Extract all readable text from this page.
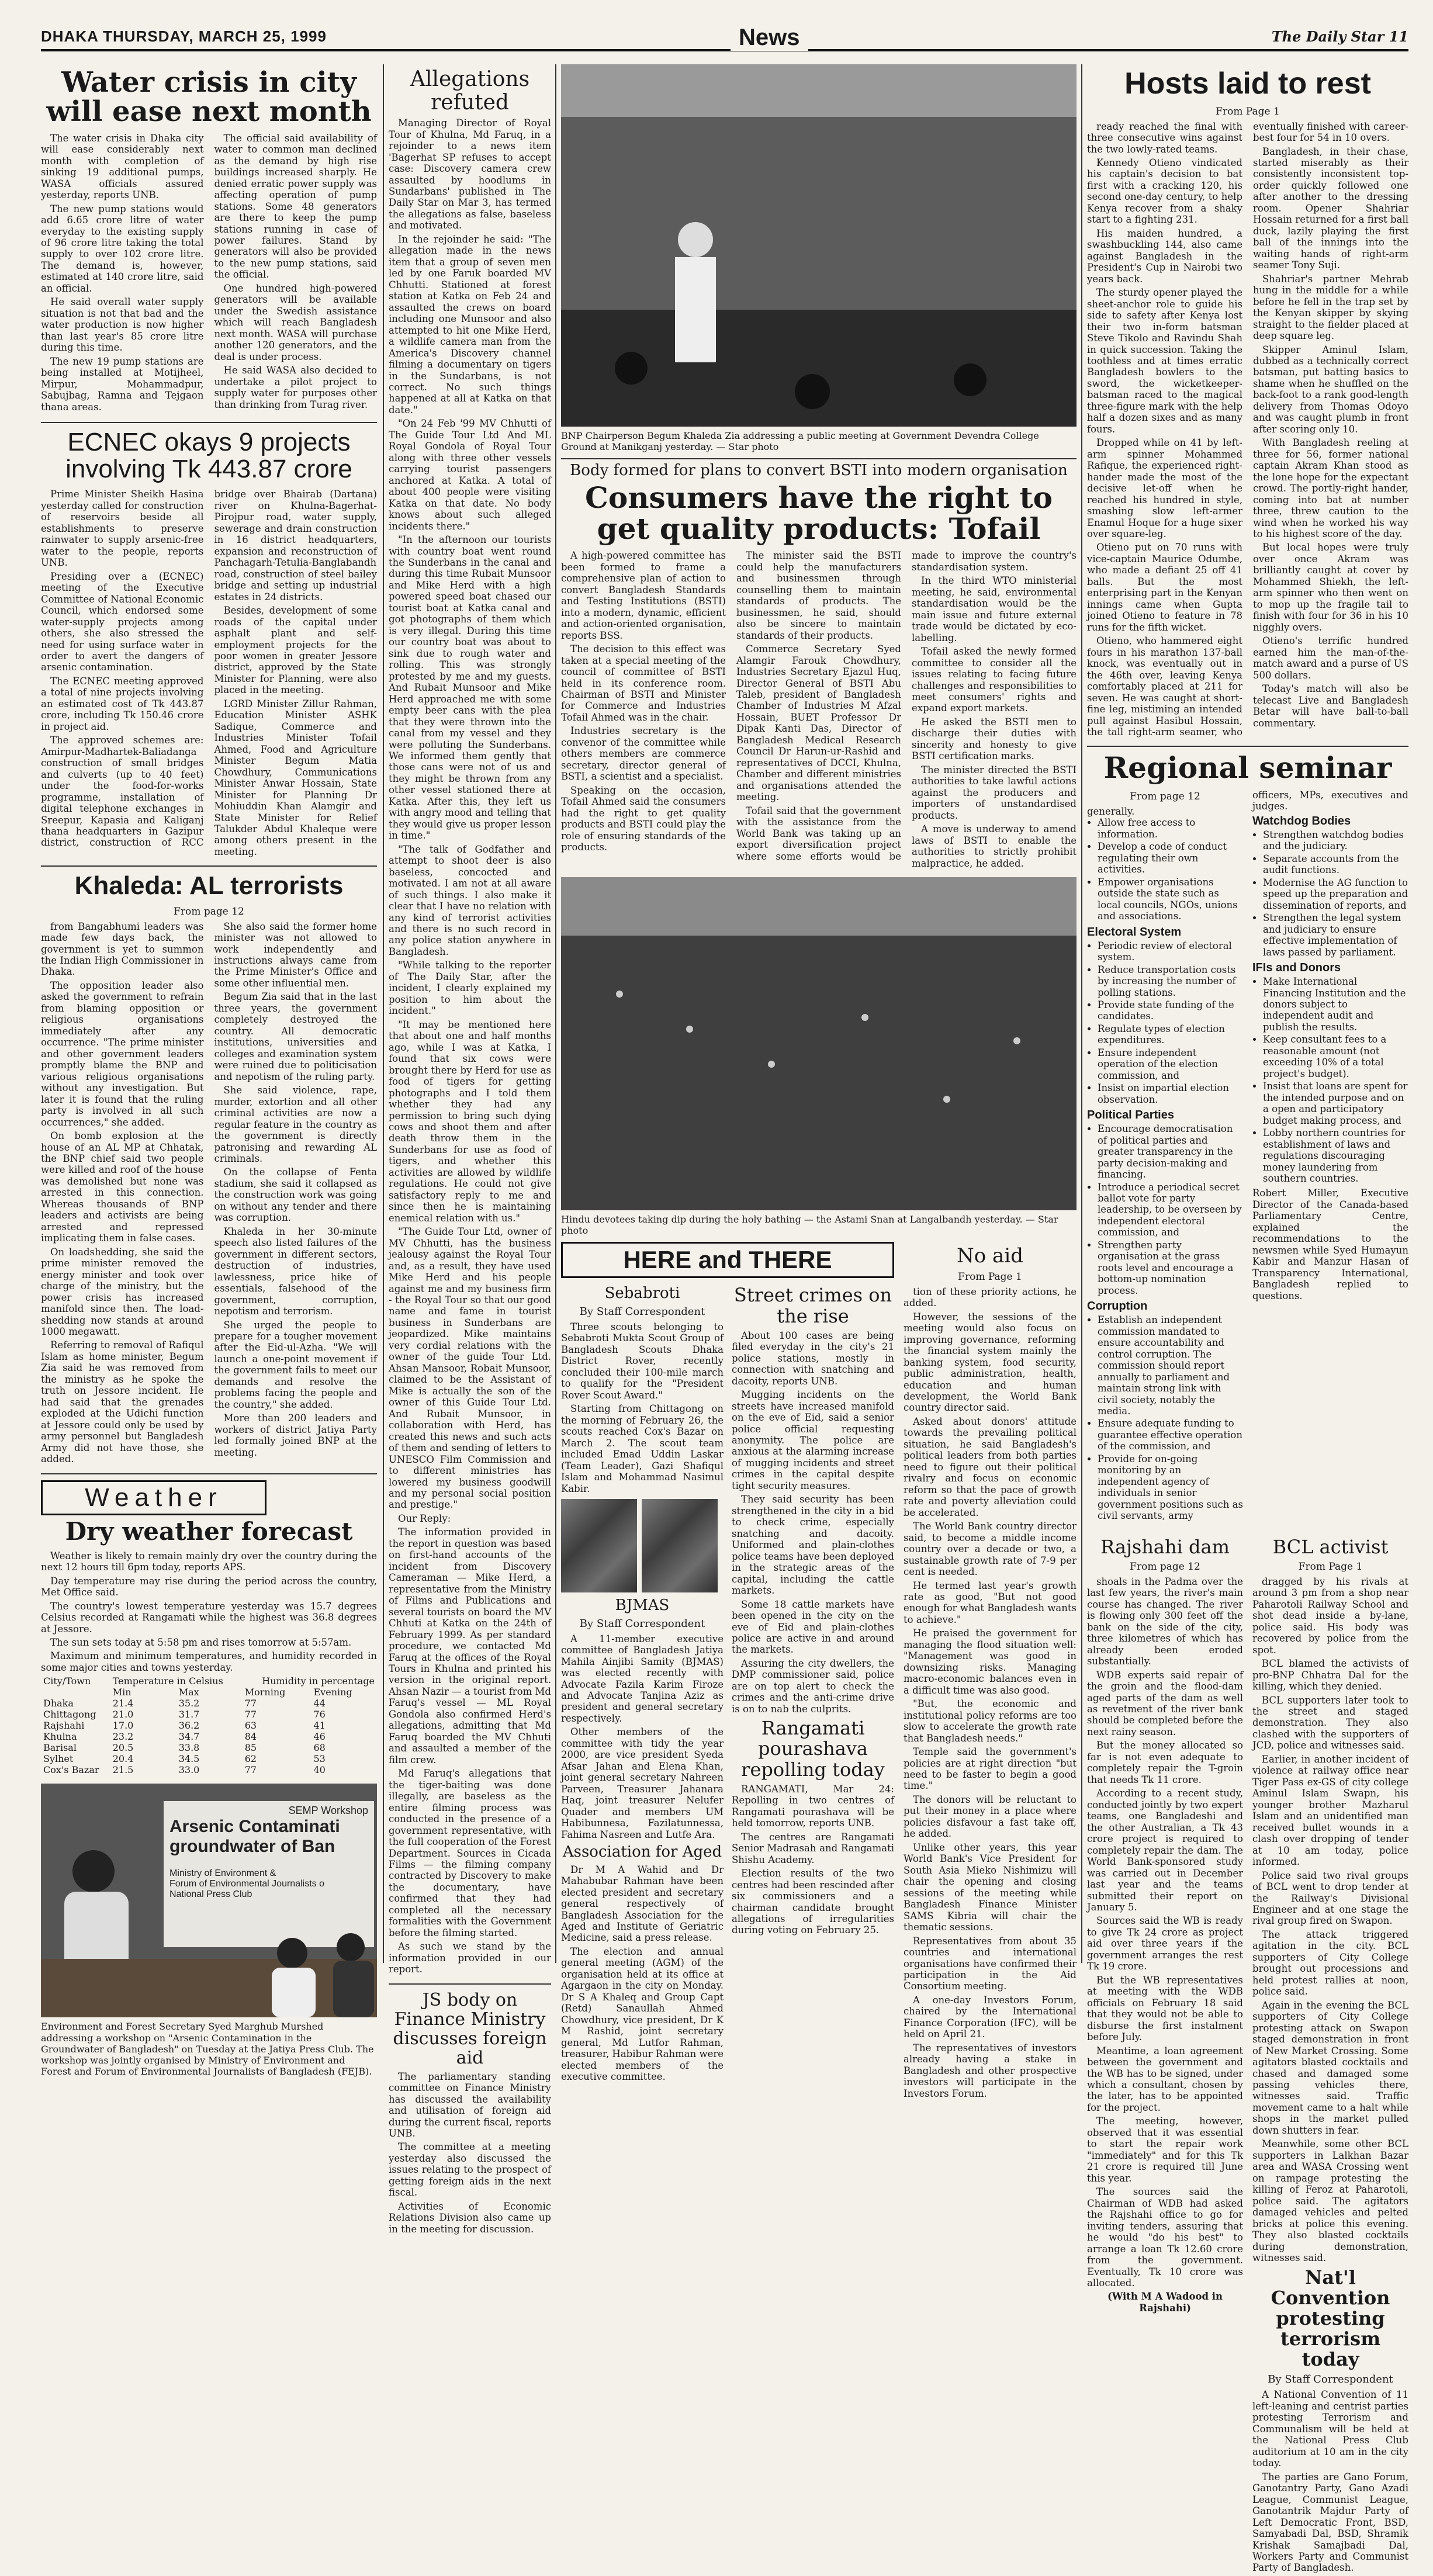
DHAKA THURSDAY, MARCH 25, 1999	News	The Daily Star 11
Water crisis in city will ease next month

The water crisis in Dhaka city will ease considerably next month with completion of sinking 19 additional pumps, WASA officials assured yesterday, reports UNB.

The new pump stations would add 6.65 crore litre of water everyday to the existing supply of 96 crore litre taking the total supply to over 102 crore litre. The demand is, however, estimated at 140 crore litre, said an official.

He said overall water supply situation is not that bad and the water production is now higher than last year's 85 crore litre during this time.

The new 19 pump stations are being installed at Motijheel, Mirpur, Mohammadpur, Sabujbag, Ramna and Tejgaon thana areas.

The official said availability of water to common man declined as the demand by high rise buildings increased sharply. He denied erratic power supply was affecting operation of pump stations. Some 48 generators are there to keep the pump stations running in case of power failures. Stand by generators will also be provided to the new pump stations, said the official.

One hundred high-powered generators will be available under the Swedish assistance which will reach Bangladesh next month. WASA will purchase another 120 generators, and the deal is under process.

He said WASA also decided to undertake a pilot project to supply water for purposes other than drinking from Turag river.

ECNEC okays 9 projects involving Tk 443.87 crore

Prime Minister Sheikh Hasina yesterday called for construction of reservoirs beside all establishments to preserve rainwater to supply arsenic-free water to the people, reports UNB.

Presiding over a (ECNEC) meeting of the Executive Committee of National Economic Council, which endorsed some water-supply projects among others, she also stressed the need for using surface water in order to avert the dangers of arsenic contamination.

The ECNEC meeting approved a total of nine projects involving an estimated cost of Tk 443.87 crore, including Tk 150.46 crore in project aid.

The approved schemes are: Amirpur-Madhartek-Baliadanga construction of small bridges and culverts (up to 40 feet) under the food-for-works programme, installation of digital telephone exchanges in Sreepur, Kapasia and Kaliganj thana headquarters in Gazipur district, construction of RCC bridge over Bhairab (Dartana) river on Khulna-Bagerhat-Pirojpur road, water supply, sewerage and drain construction in 16 district headquarters, expansion and reconstruction of Panchagarh-Tetulia-Banglabandh road, construction of steel bailey bridge and setting up industrial estates in 24 districts.

Besides, development of some roads of the capital under asphalt plant and self-employment projects for the poor women in greater Jessore district, approved by the State Minister for Planning, were also placed in the meeting.

LGRD Minister Zillur Rahman, Education Minister ASHK Sadique, Commerce and Industries Minister Tofail Ahmed, Food and Agriculture Minister Begum Matia Chowdhury, Communications Minister Anwar Hossain, State Minister for Planning Dr Mohiuddin Khan Alamgir and State Minister for Relief Talukder Abdul Khaleque were among others present in the meeting.

Khaleda: AL terrorists
From page 12

from Bangabhumi leaders was made few days back, the government is yet to summon the Indian High Commissioner in Dhaka.

The opposition leader also asked the government to refrain from blaming opposition or religious organisations immediately after any occurrence. "The prime minister and other government leaders promptly blame the BNP and various religious organisations without any investigation. But later it is found that the ruling party is involved in all such occurrences," she added.

On bomb explosion at the house of an AL MP at Chhatak, the BNP chief said two people were killed and roof of the house was demolished but none was arrested in this connection. Whereas thousands of BNP leaders and activists are being arrested and repressed implicating them in false cases.

On loadshedding, she said the prime minister removed the energy minister and took over charge of the ministry, but the power crisis has increased manifold since then. The load-shedding now stands at around 1000 megawatt.

Referring to removal of Rafiqul Islam as home minister, Begum Zia said he was removed from the ministry as he spoke the truth on Jessore incident. He had said that the grenades exploded at the Udichi function at Jessore could only be used by army personnel but Bangladesh Army did not have those, she added.

She also said the former home minister was not allowed to work independently and instructions always came from the Prime Minister's Office and some other influential men.

Begum Zia said that in the last three years, the government completely destroyed the country. All democratic institutions, universities and colleges and examination system were ruined due to politicisation and nepotism of the ruling party.

She said violence, rape, murder, extortion and all other criminal activities are now a regular feature in the country as the government is directly patronising and rewarding AL criminals.

On the collapse of Fenta stadium, she said it collapsed as the construction work was going on without any tender and there was corruption.

Khaleda in her 30-minute speech also listed failures of the government in different sectors, destruction of industries, lawlessness, price hike of essentials, falsehood of the government, corruption, nepotism and terrorism.

She urged the people to prepare for a tougher movement after the Eid-ul-Azha. "We will launch a one-point movement if the government fails to meet our demands and resolve the problems facing the people and the country," she added.

More than 200 leaders and workers of district Jatiya Party led formally joined BNP at the meeting.

Weather
Dry weather forecast

Weather is likely to remain mainly dry over the country during the next 12 hours till 6pm today, reports APS.

Day temperature may rise during the period across the country, Met Office said.

The country's lowest temperature yesterday was 15.7 degrees Celsius recorded at Rangamati while the highest was 36.8 degrees at Jessore.

The sun sets today at 5:58 pm and rises tomorrow at 5:57am.

Maximum and minimum temperatures, and humidity recorded in some major cities and towns yesterday.

City/Town	Temperature in Celsius		Humidity in percentage	
	Min	Max	Morning	Evening
Dhaka	21.4	35.2	77	44
Chittagong	21.0	31.7	77	76
Rajshahi	17.0	36.2	63	41
Khulna	23.2	34.7	84	46
Barisal	20.5	33.8	85	68
Sylhet	20.4	34.5	62	53
Cox's Bazar	21.5	33.0	77	40
SEMP Workshop
Arsenic Contaminati
groundwater of Ban
Ministry of Environment &
Forum of Environmental Journalists o
National Press Club
Environment and Forest Secretary Syed Marghub Murshed addressing a workshop on "Arsenic Contamination in the Groundwater of Bangladesh" on Tuesday at the Jatiya Press Club. The workshop was jointly organised by Ministry of Environment and Forest and Forum of Environmental Journalists of Bangladesh (FEJB).
Allegations refuted

Managing Director of Royal Tour of Khulna, Md Faruq, in a rejoinder to a news item 'Bagerhat SP refuses to accept case: Discovery camera crew assaulted by hoodlums in Sundarbans' published in The Daily Star on Mar 3, has termed the allegations as false, baseless and motivated.

In the rejoinder he said: "The allegation made in the news item that a group of seven men led by one Faruk boarded MV Chhutti. Stationed at forest station at Katka on Feb 24 and assaulted the crews on board including one Munsoor and also attempted to hit one Mike Herd, a wildlife camera man from the America's Discovery channel filming a documentary on tigers in the Sundarbans, is not correct. No such things happened at all at Katka on that date."

"On 24 Feb '99 MV Chhutti of The Guide Tour Ltd And ML Royal Gondola of Royal Tour along with three other vessels carrying tourist passengers anchored at Katka. A total of about 400 people were visiting Katka on that date. No body knows about such alleged incidents there."

"In the afternoon our tourists with country boat went round the Sunderbans in the canal and during this time Rubait Munsoor and Mike Herd with a high powered speed boat chased our tourist boat at Katka canal and got photographs of them which is very illegal. During this time our country boat was about to sink due to rough water and rolling. This was strongly protested by me and my guests. And Rubait Munsoor and Mike Herd approached me with some empty beer cans with the plea that they were thrown into the canal from my vessel and they were polluting the Sunderbans. We informed them gently that those cans were not of us and they might be thrown from any other vessel stationed there at Katka. After this, they left us with angry mood and telling that they would give us proper lesson in time."

"The talk of Godfather and attempt to shoot deer is also baseless, concocted and motivated. I am not at all aware of such things. I also make it clear that I have no relation with any kind of terrorist activities and there is no such record in any police station anywhere in Bangladesh.

"While talking to the reporter of The Daily Star, after the incident, I clearly explained my position to him about the incident."

"It may be mentioned here that about one and half months ago, while I was at Katka, I found that six cows were brought there by Herd for use as food of tigers for getting photographs and I told them whether they had any permission to bring such dying cows and shoot them and after death throw them in the Sunderbans for use as food of tigers, and whether this activities are allowed by wildlife regulations. He could not give satisfactory reply to me and since then he is maintaining enemical relation with us."

"The Guide Tour Ltd, owner of MV Chhutti, has the business jealousy against the Royal Tour and, as a result, they have used Mike Herd and his people against me and my business firm - the Royal Tour so that our good name and fame in tourist business in Sunderbans are jeopardized. Mike maintains very cordial relations with the owner of the guide Tour Ltd. Ahsan Mansoor, Robait Munsoor, claimed to be the Assistant of Mike is actually the son of the owner of this Guide Tour Ltd. And Rubait Munsoor, in collaboration with Herd, has created this news and such acts of them and sending of letters to UNESCO Film Commission and to different ministries has lowered my business goodwill and my personal social position and prestige."

Our Reply:

The information provided in the report in question was based on first-hand accounts of the incident from Discovery Cameraman — Mike Herd, a representative from the Ministry of Films and Publications and several tourists on board the MV Chhuti at Katka on the 24th of February 1999. As per standard procedure, we contacted Md Faruq at the offices of the Royal Tours in Khulna and printed his version in the original report. Ahsan Nazir — a tourist from Md Faruq's vessel — ML Royal Gondola also confirmed Herd's allegations, admitting that Md Faruq boarded the MV Chhuti and assaulted a member of the film crew.

Md Faruq's allegations that the tiger-baiting was done illegally, are baseless as the entire filming process was conducted in the presence of a government representative, with the full cooperation of the Forest Department. Sources in Cicada Films — the filming company contracted by Discovery to make the documentary, have confirmed that they had completed all the necessary formalities with the Government before the filming started.

As such we stand by the information provided in our report.

JS body on Finance Ministry discusses foreign aid

The parliamentary standing committee on Finance Ministry has discussed the availability and utilisation of foreign aid during the current fiscal, reports UNB.

The committee at a meeting yesterday also discussed the issues relating to the prospect of getting foreign aids in the next fiscal.

Activities of Economic Relations Division also came up in the meeting for discussion.

BNP Chairperson Begum Khaleda Zia addressing a public meeting at Government Devendra College Ground at Manikganj yesterday. — Star photo
Body formed for plans to convert BSTI into modern organisation
Consumers have the right to get quality products: Tofail

A high-powered committee has been formed to frame a comprehensive plan of action to convert Bangladesh Standards and Testing Institutions (BSTI) into a modern, dynamic, efficient and action-oriented organisation, reports BSS.

The decision to this effect was taken at a special meeting of the council of committee of BSTI held in its conference room. Chairman of BSTI and Minister for Commerce and Industries Tofail Ahmed was in the chair.

Industries secretary is the convenor of the committee while others members are commerce secretary, director general of BSTI, a scientist and a specialist.

Speaking on the occasion, Tofail Ahmed said the consumers had the right to get quality products and BSTI could play the role of ensuring standards of the products.

The minister said the BSTI could help the manufacturers and businessmen through counselling them to maintain standards of products. The businessmen, he said, should also be sincere to maintain standards of their products.

Commerce Secretary Syed Alamgir Farouk Chowdhury, Industries Secretary Ejazul Huq, Director General of BSTI Abu Taleb, president of Bangladesh Chamber of Industries M Afzal Hossain, BUET Professor Dr Dipak Kanti Das, Director of Bangladesh Medical Research Council Dr Harun-ur-Rashid and representatives of DCCI, Khulna, Chamber and different ministries and organisations attended the meeting.

Tofail said that the government with the assistance from the World Bank was taking up an export diversification project where some efforts would be made to improve the country's standardisation system.

In the third WTO ministerial meeting, he said, environmental standardisation would be the main issue and future external trade would be dictated by eco-labelling.

Tofail asked the newly formed committee to consider all the issues relating to facing future challenges and responsibilities to meet consumers' rights and expand export markets.

He asked the BSTI men to discharge their duties with sincerity and honesty to give BSTI certification marks.

The minister directed the BSTI authorities to take lawful actions against the producers and importers of unstandardised products.

A move is underway to amend laws of BSTI to enable the authorities to strictly prohibit malpractice, he added.

Hindu devotees taking dip during the holy bathing — the Astami Snan at Langalbandh yesterday. — Star photo
HERE and THERE
Sebabroti
By Staff Correspondent

Three scouts belonging to Sebabroti Mukta Scout Group of Bangladesh Scouts Dhaka District Rover, recently concluded their 100-mile march to qualify for the "President Rover Scout Award."

Starting from Chittagong on the morning of February 26, the scouts reached Cox's Bazar on March 2. The scout team included Emad Uddin Laskar (Team Leader), Gazi Shafiqul Islam and Mohammad Nasimul Kabir.

BJMAS
By Staff Correspondent

A 11-member executive committee of Bangladesh Jatiya Mahila Ainjibi Samity (BJMAS) was elected recently with Advocate Fazila Karim Firoze and Advocate Tanjina Aziz as president and general secretary respectively.

Other members of the committee with tidy the year 2000, are vice president Syeda Afsar Jahan and Elena Khan, joint general secretary Nahreen Parveen, Treasurer Jahanara Haq, joint treasurer Nelufer Quader and members UM Habibunnesa, Fazilatunnessa, Fahima Nasreen and Lutfe Ara.

Association for Aged

Dr M A Wahid and Dr Mahabubar Rahman have been elected president and secretary general respectively of Bangladesh Association for the Aged and Institute of Geriatric Medicine, said a press release.

The election and annual general meeting (AGM) of the organisation held at its office at Agargaon in the city on Monday. Dr S A Khaleq and Group Capt (Retd) Sanaullah Ahmed Chowdhury, vice president, Dr K M Rashid, joint secretary general, Md Lutfor Rahman, treasurer, Habibur Rahman were elected members of the executive committee.

Street crimes on the rise

About 100 cases are being filed everyday in the city's 21 police stations, mostly in connection with snatching and dacoity, reports UNB.

Mugging incidents on the streets have increased manifold on the eve of Eid, said a senior police official requesting anonymity. The police are anxious at the alarming increase of mugging incidents and street crimes in the capital despite tight security measures.

They said security has been strengthened in the city in a bid to check crime, especially snatching and dacoity. Uniformed and plain-clothes police teams have been deployed in the strategic areas of the capital, including the cattle markets.

Some 18 cattle markets have been opened in the city on the eve of Eid and plain-clothes police are active in and around the markets.

Assuring the city dwellers, the DMP commissioner said, police are on top alert to check the crimes and the anti-crime drive is on to nab the culprits.

Rangamati pourashava repolling today

RANGAMATI, Mar 24: Repolling in two centres of Rangamati pourashava will be held tomorrow, reports UNB.

The centres are Rangamati Senior Madrasah and Rangamati Shishu Academy.

Election results of the two centres had been rescinded after six commissioners and a chairman candidate brought allegations of irregularities during voting on February 25.

No aid
From Page 1

tion of these priority actions, he added.

However, the sessions of the meeting would also focus on improving governance, reforming the financial system mainly the banking system, food security, public administration, health, education and human development, the World Bank country director said.

Asked about donors' attitude towards the prevailing political situation, he said Bangladesh's political leaders from both parties need to figure out their political rivalry and focus on economic reform so that the pace of growth rate and poverty alleviation could be accelerated.

The World Bank country director said, to become a middle income country over a decade or two, a sustainable growth rate of 7-9 per cent is needed.

He termed last year's growth rate as good, "But not good enough for what Bangladesh wants to achieve."

He praised the government for managing the flood situation well: "Management was good in downsizing risks. Managing macro-economic balances even in a difficult time was also good.

"But, the economic and institutional policy reforms are too slow to accelerate the growth rate that Bangladesh needs."

Temple said the government's policies are at right direction "but need to be faster to begin a good time."

The donors will be reluctant to put their money in a place where policies disfavour a fast take off, he added.

Unlike other years, this year World Bank's Vice President for South Asia Mieko Nishimizu will chair the opening and closing sessions of the meeting while Bangladesh Finance Minister SAMS Kibria will chair the thematic sessions.

Representatives from about 35 countries and international organisations have confirmed their participation in the Aid Consortium meeting.

A one-day Investors Forum, chaired by the International Finance Corporation (IFC), will be held on April 21.

The representatives of investors already having a stake in Bangladesh and other prospective investors will participate in the Investors Forum.

Hosts laid to rest
From Page 1

ready reached the final with three consecutive wins against the two lowly-rated teams.

Kennedy Otieno vindicated his captain's decision to bat first with a cracking 120, his second one-day century, to help Kenya recover from a shaky start to a fighting 231.

His maiden hundred, a swashbuckling 144, also came against Bangladesh in the President's Cup in Nairobi two years back.

The sturdy opener played the sheet-anchor role to guide his side to safety after Kenya lost their two in-form batsman Steve Tikolo and Ravindu Shah in quick succession. Taking the toothless and at times erratic Bangladesh bowlers to the sword, the wicketkeeper-batsman raced to the magical three-figure mark with the help half a dozen sixes and as many fours.

Dropped while on 41 by left-arm spinner Mohammed Rafique, the experienced right-hander made the most of the decisive let-off when he reached his hundred in style, smashing slow left-armer Enamul Hoque for a huge sixer over square-leg.

Otieno put on 70 runs with vice-captain Maurice Odumbe, who made a defiant 25 off 41 balls. But the most enterprising part in the Kenyan innings came when Gupta joined Otieno to feature in 78 runs for the fifth wicket.

Otieno, who hammered eight fours in his marathon 137-ball knock, was eventually out in the 46th over, leaving Kenya comfortably placed at 211 for seven. He was caught at short-fine leg, mistiming an intended pull against Hasibul Hossain, the tall right-arm seamer, who eventually finished with career-best four for 54 in 10 overs.

Bangladesh, in their chase, started miserably as their consistently inconsistent top-order quickly followed one after another to the dressing room. Opener Shahriar Hossain returned for a first ball duck, lazily playing the first ball of the innings into the waiting hands of right-arm seamer Tony Suji.

Shahriar's partner Mehrab hung in the middle for a while before he fell in the trap set by the Kenyan skipper by skying straight to the fielder placed at deep square leg.

Skipper Aminul Islam, dubbed as a technically correct batsman, put batting basics to shame when he shuffled on the back-foot to a rank good-length delivery from Thomas Odoyo and was caught plumb in front after scoring only 10.

With Bangladesh reeling at three for 56, former national captain Akram Khan stood as the lone hope for the expectant crowd. The portly-right hander, coming into bat at number three, threw caution to the wind when he worked his way to his highest score of the day.

But local hopes were truly over once Akram was brilliantly caught at cover by Mohammed Shiekh, the left-arm spinner who then went on to mop up the fragile tail to finish with four for 36 in his 10 nigghly overs.

Otieno's terrific hundred earned him the man-of-the-match award and a purse of US 500 dollars.

Today's match will also be telecast Live and Bangladesh Betar will have ball-to-ball commentary.

Regional seminar
From page 12
generally.
• Allow free access to information.
• Develop a code of conduct regulating their own activities.
• Empower organisations outside the state such as local councils, NGOs, unions and associations.
Electoral System
• Periodic review of electoral system.
• Reduce transportation costs by increasing the number of polling stations.
• Provide state funding of the candidates.
• Regulate types of election expenditures.
• Ensure independent operation of the election commission, and
• Insist on impartial election observation.
Political Parties
• Encourage democratisation of political parties and greater transparency in the party decision-making and financing.
• Introduce a periodical secret ballot vote for party leadership, to be overseen by independent electoral commission, and
• Strengthen party organisation at the grass roots level and encourage a bottom-up nomination process.
Corruption
• Establish an independent commission mandated to ensure accountability and control corruption. The commission should report annually to parliament and maintain strong link with civil society, notably the media.
• Ensure adequate funding to guarantee effective operation of the commission, and
• Provide for on-going monitoring by an independent agency of individuals in senior government positions such as civil servants, army
officers, MPs, executives and judges.
Watchdog Bodies
• Strengthen watchdog bodies and the judiciary.
• Separate accounts from the audit functions.
• Modernise the AG function to speed up the preparation and dissemination of reports, and
• Strengthen the legal system and judiciary to ensure effective implementation of laws passed by parliament.
IFIs and Donors
• Make International Financing Institution and the donors subject to independent audit and publish the results.
• Keep consultant fees to a reasonable amount (not exceeding 10% of a total project's budget).
• Insist that loans are spent for the intended purpose and on a open and participatory budget making process, and
• Lobby northern countries for establishment of laws and regulations discouraging money laundering from southern countries.
Robert Miller, Executive Director of the Canada-based Parliamentary Centre, explained the recommendations to the newsmen while Syed Humayun Kabir and Manzur Hasan of Transparency International, Bangladesh replied to questions.
Rajshahi dam
From page 12

shoals in the Padma over the last few years, the river's main course has changed. The river is flowing only 300 feet off the bank on the side of the city, three kilometres of which has already been eroded substantially.

WDB experts said repair of the groin and the flood-dam aged parts of the dam as well as revetment of the river bank should be completed before the next rainy season.

But the money allocated so far is not even adequate to completely repair the T-groin that needs Tk 11 crore.

According to a recent study, conducted jointly by two expert teams, one Bangladeshi and the other Australian, a Tk 43 crore project is required to completely repair the dam. The World Bank-sponsored study was carried out in December last year and the teams submitted their report on January 5.

Sources said the WB is ready to give Tk 24 crore as project aid over three years if the government arranges the rest Tk 19 crore.

But the WB representatives at meeting with the WDB officials on February 18 said that they would not be able to disburse the first instalment before July.

Meantime, a loan agreement between the government and the WB has to be signed, under which a consultant, chosen by the later, has to be appointed for the project.

The meeting, however, observed that it was essential to start the repair work "immediately" and for this Tk 21 crore is required till June this year.

The sources said the Chairman of WDB had asked the Rajshahi office to go for inviting tenders, assuring that he would "do his best" to arrange a loan Tk 12.60 crore from the government. Eventually, Tk 10 crore was allocated.

(With M A Wadood in Rajshahi)
BCL activist
From Page 1

dragged by his rivals at around 3 pm from a shop near Paharotoli Railway School and shot dead inside a by-lane, police said. His body was recovered by police from the spot.

BCL blamed the activists of pro-BNP Chhatra Dal for the killing, which they denied.

BCL supporters later took to the street and staged demonstration. They also clashed with the supporters of JCD, police and witnesses said.

Earlier, in another incident of violence at railway office near Tiger Pass ex-GS of city college Aminul Islam Swapn, his younger brother Mazharul Islam and an unidentified man received bullet wounds in a clash over dropping of tender at 10 am today, police informed.

Police said two rival groups of BCL went to drop tender at the Railway's Divisional Engineer and at one stage the rival group fired on Swapon.

The attack triggered agitation in the city. BCL supporters of City College brought out processions and held protest rallies at noon, police said.

Again in the evening the BCL supporters of City College protesting attack on Swapon staged demonstration in front of New Market Crossing. Some agitators blasted cocktails and chased and damaged some passing vehicles there, witnesses said. Traffic movement came to a halt while shops in the market pulled down shutters in fear.

Meanwhile, some other BCL supporters in Lalkhan Bazar area and WASA Crossing went on rampage protesting the killing of Feroz at Paharotoli, police said. The agitators damaged vehicles and pelted bricks at police this evening. They also blasted cocktails during demonstration, witnesses said.

Nat'l Convention protesting terrorism today
By Staff Correspondent

A National Convention of 11 left-leaning and centrist parties protesting Terrorism and Communalism will be held at the National Press Club auditorium at 10 am in the city today.

The parties are Gano Forum, Ganotantry Party, Gano Azadi League, Communist League, Ganotantrik Majdur Party of Left Democratic Front, BSD, Samyabadi Dal, BSD, Shramik Krishak Samajbadi Dal, Workers Party and Communist Party of Bangladesh.
